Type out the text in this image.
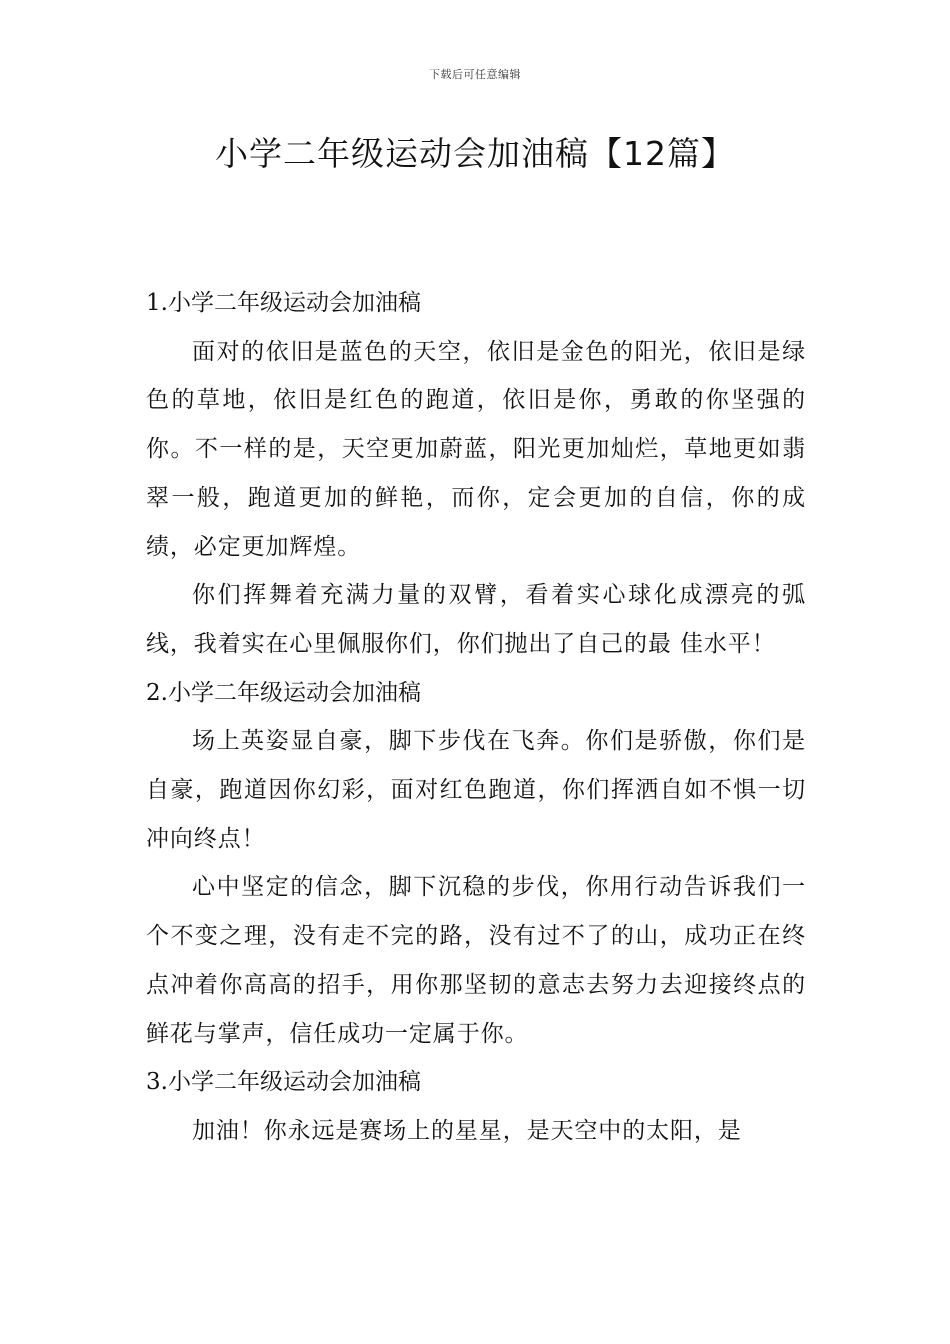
下载后可任意编辑
小学二年级运动会加油稿【12篇】
1.小学二年级运动会加油稿

面对的依旧是蓝色的天空，依旧是金色的阳光，依旧是绿色的草地，依旧是红色的跑道，依旧是你，勇敢的你坚强的你。不一样的是，天空更加蔚蓝，阳光更加灿烂，草地更如翡翠一般，跑道更加的鲜艳，而你，定会更加的自信，你的成绩，必定更加辉煌。

你们挥舞着充满力量的双臂，看着实心球化成漂亮的弧线，我着实在心里佩服你们，你们抛出了自己的最 佳水平！

2.小学二年级运动会加油稿

场上英姿显自豪，脚下步伐在飞奔。你们是骄傲，你们是自豪，跑道因你幻彩，面对红色跑道，你们挥洒自如不惧一切冲向终点！

心中坚定的信念，脚下沉稳的步伐，你用行动告诉我们一个不变之理，没有走不完的路，没有过不了的山，成功正在终点冲着你高高的招手，用你那坚韧的意志去努力去迎接终点的鲜花与掌声，信任成功一定属于你。

3.小学二年级运动会加油稿

加油！你永远是赛场上的星星，是天空中的太阳，是
